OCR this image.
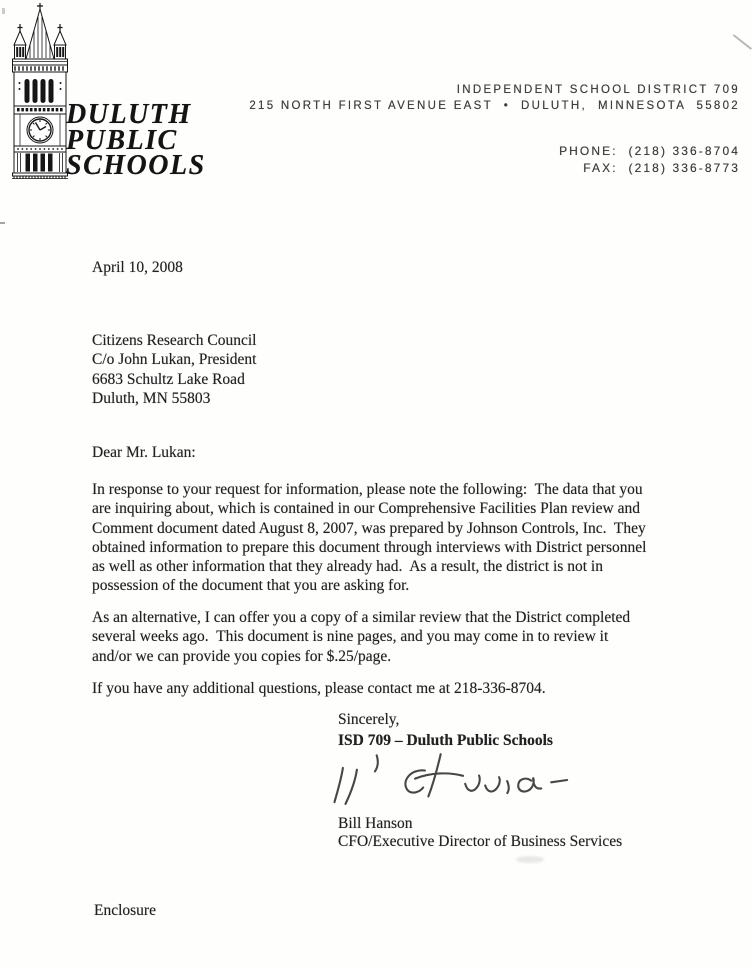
DULUTH
PUBLIC
SCHOOLS
INDEPENDENT SCHOOL DISTRICT 709
215 NORTH FIRST AVENUE EAST  •  DULUTH,  MINNESOTA  55802
PHONE:  (218) 336-8704
FAX:  (218) 336-8773
April 10, 2008
Citizens Research Council
C/o John Lukan, President
6683 Schultz Lake Road
Duluth, MN 55803
Dear Mr. Lukan:
In response to your request for information, please note the following:  The data that you
are inquiring about, which is contained in our Comprehensive Facilities Plan review and
Comment document dated August 8, 2007, was prepared by Johnson Controls, Inc.  They
obtained information to prepare this document through interviews with District personnel
as well as other information that they already had.  As a result, the district is not in
possession of the document that you are asking for.
As an alternative, I can offer you a copy of a similar review that the District completed
several weeks ago.  This document is nine pages, and you may come in to review it
and/or we can provide you copies for $.25/page.
If you have any additional questions, please contact me at 218-336-8704.
Sincerely,
ISD 709 – Duluth Public Schools
Bill Hanson
CFO/Executive Director of Business Services
Enclosure
